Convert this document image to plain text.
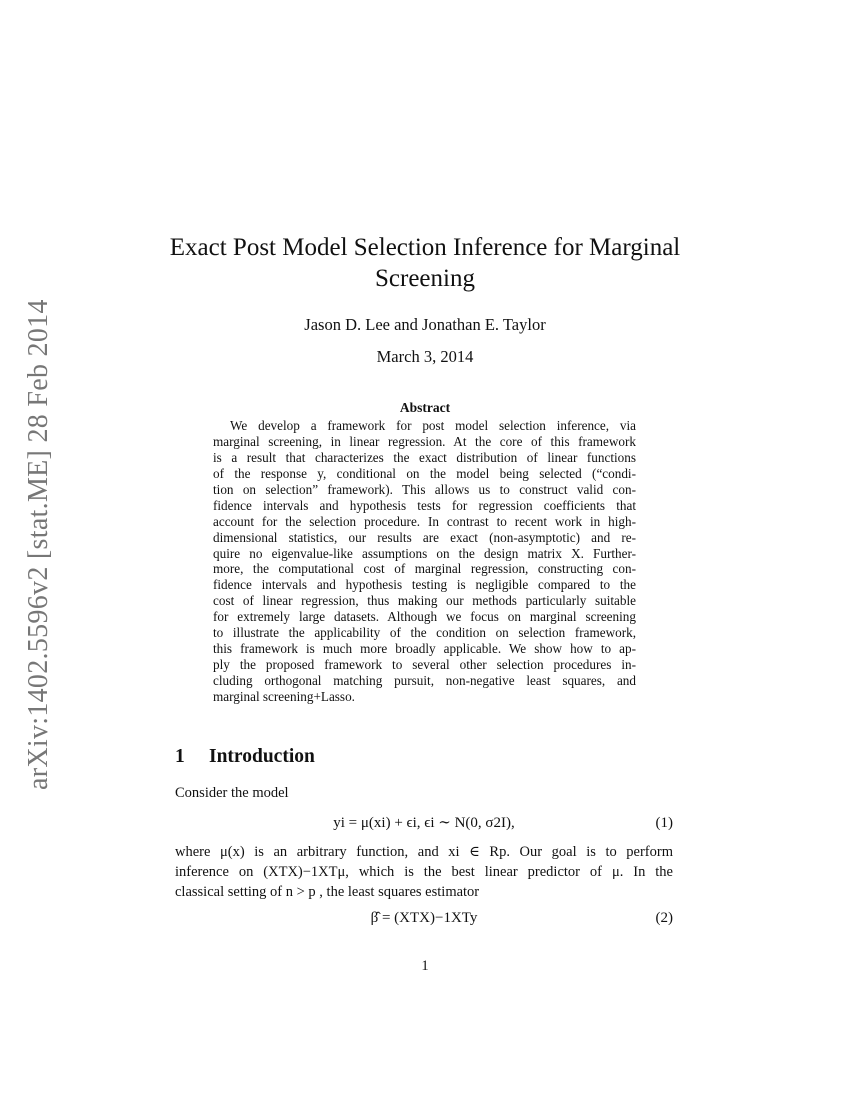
arXiv:1402.5596v2 [stat.ME] 28 Feb 2014
Exact Post Model Selection Inference for Marginal
Screening
Jason D. Lee and Jonathan E. Taylor
March 3, 2014
Abstract
We develop a framework for post model selection inference, via
marginal screening, in linear regression. At the core of this framework
is a result that characterizes the exact distribution of linear functions
of the response y, conditional on the model being selected (“condi-
tion on selection” framework). This allows us to construct valid con-
fidence intervals and hypothesis tests for regression coefficients that
account for the selection procedure. In contrast to recent work in high-
dimensional statistics, our results are exact (non-asymptotic) and re-
quire no eigenvalue-like assumptions on the design matrix X. Further-
more, the computational cost of marginal regression, constructing con-
fidence intervals and hypothesis testing is negligible compared to the
cost of linear regression, thus making our methods particularly suitable
for extremely large datasets. Although we focus on marginal screening
to illustrate the applicability of the condition on selection framework,
this framework is much more broadly applicable. We show how to ap-
ply the proposed framework to several other selection procedures in-
cluding orthogonal matching pursuit, non-negative least squares, and
marginal screening+Lasso.
1 Introduction
Consider the model
yi = μ(xi) + ϵi, ϵi ∼ N(0, σ2I),	(1)
where μ(x) is an arbitrary function, and xi ∈ Rp. Our goal is to perform
inference on (XTX)−1XTμ, which is the best linear predictor of μ. In the
classical setting of n > p , the least squares estimator
β̂ = (XTX)−1XTy	(2)
1
